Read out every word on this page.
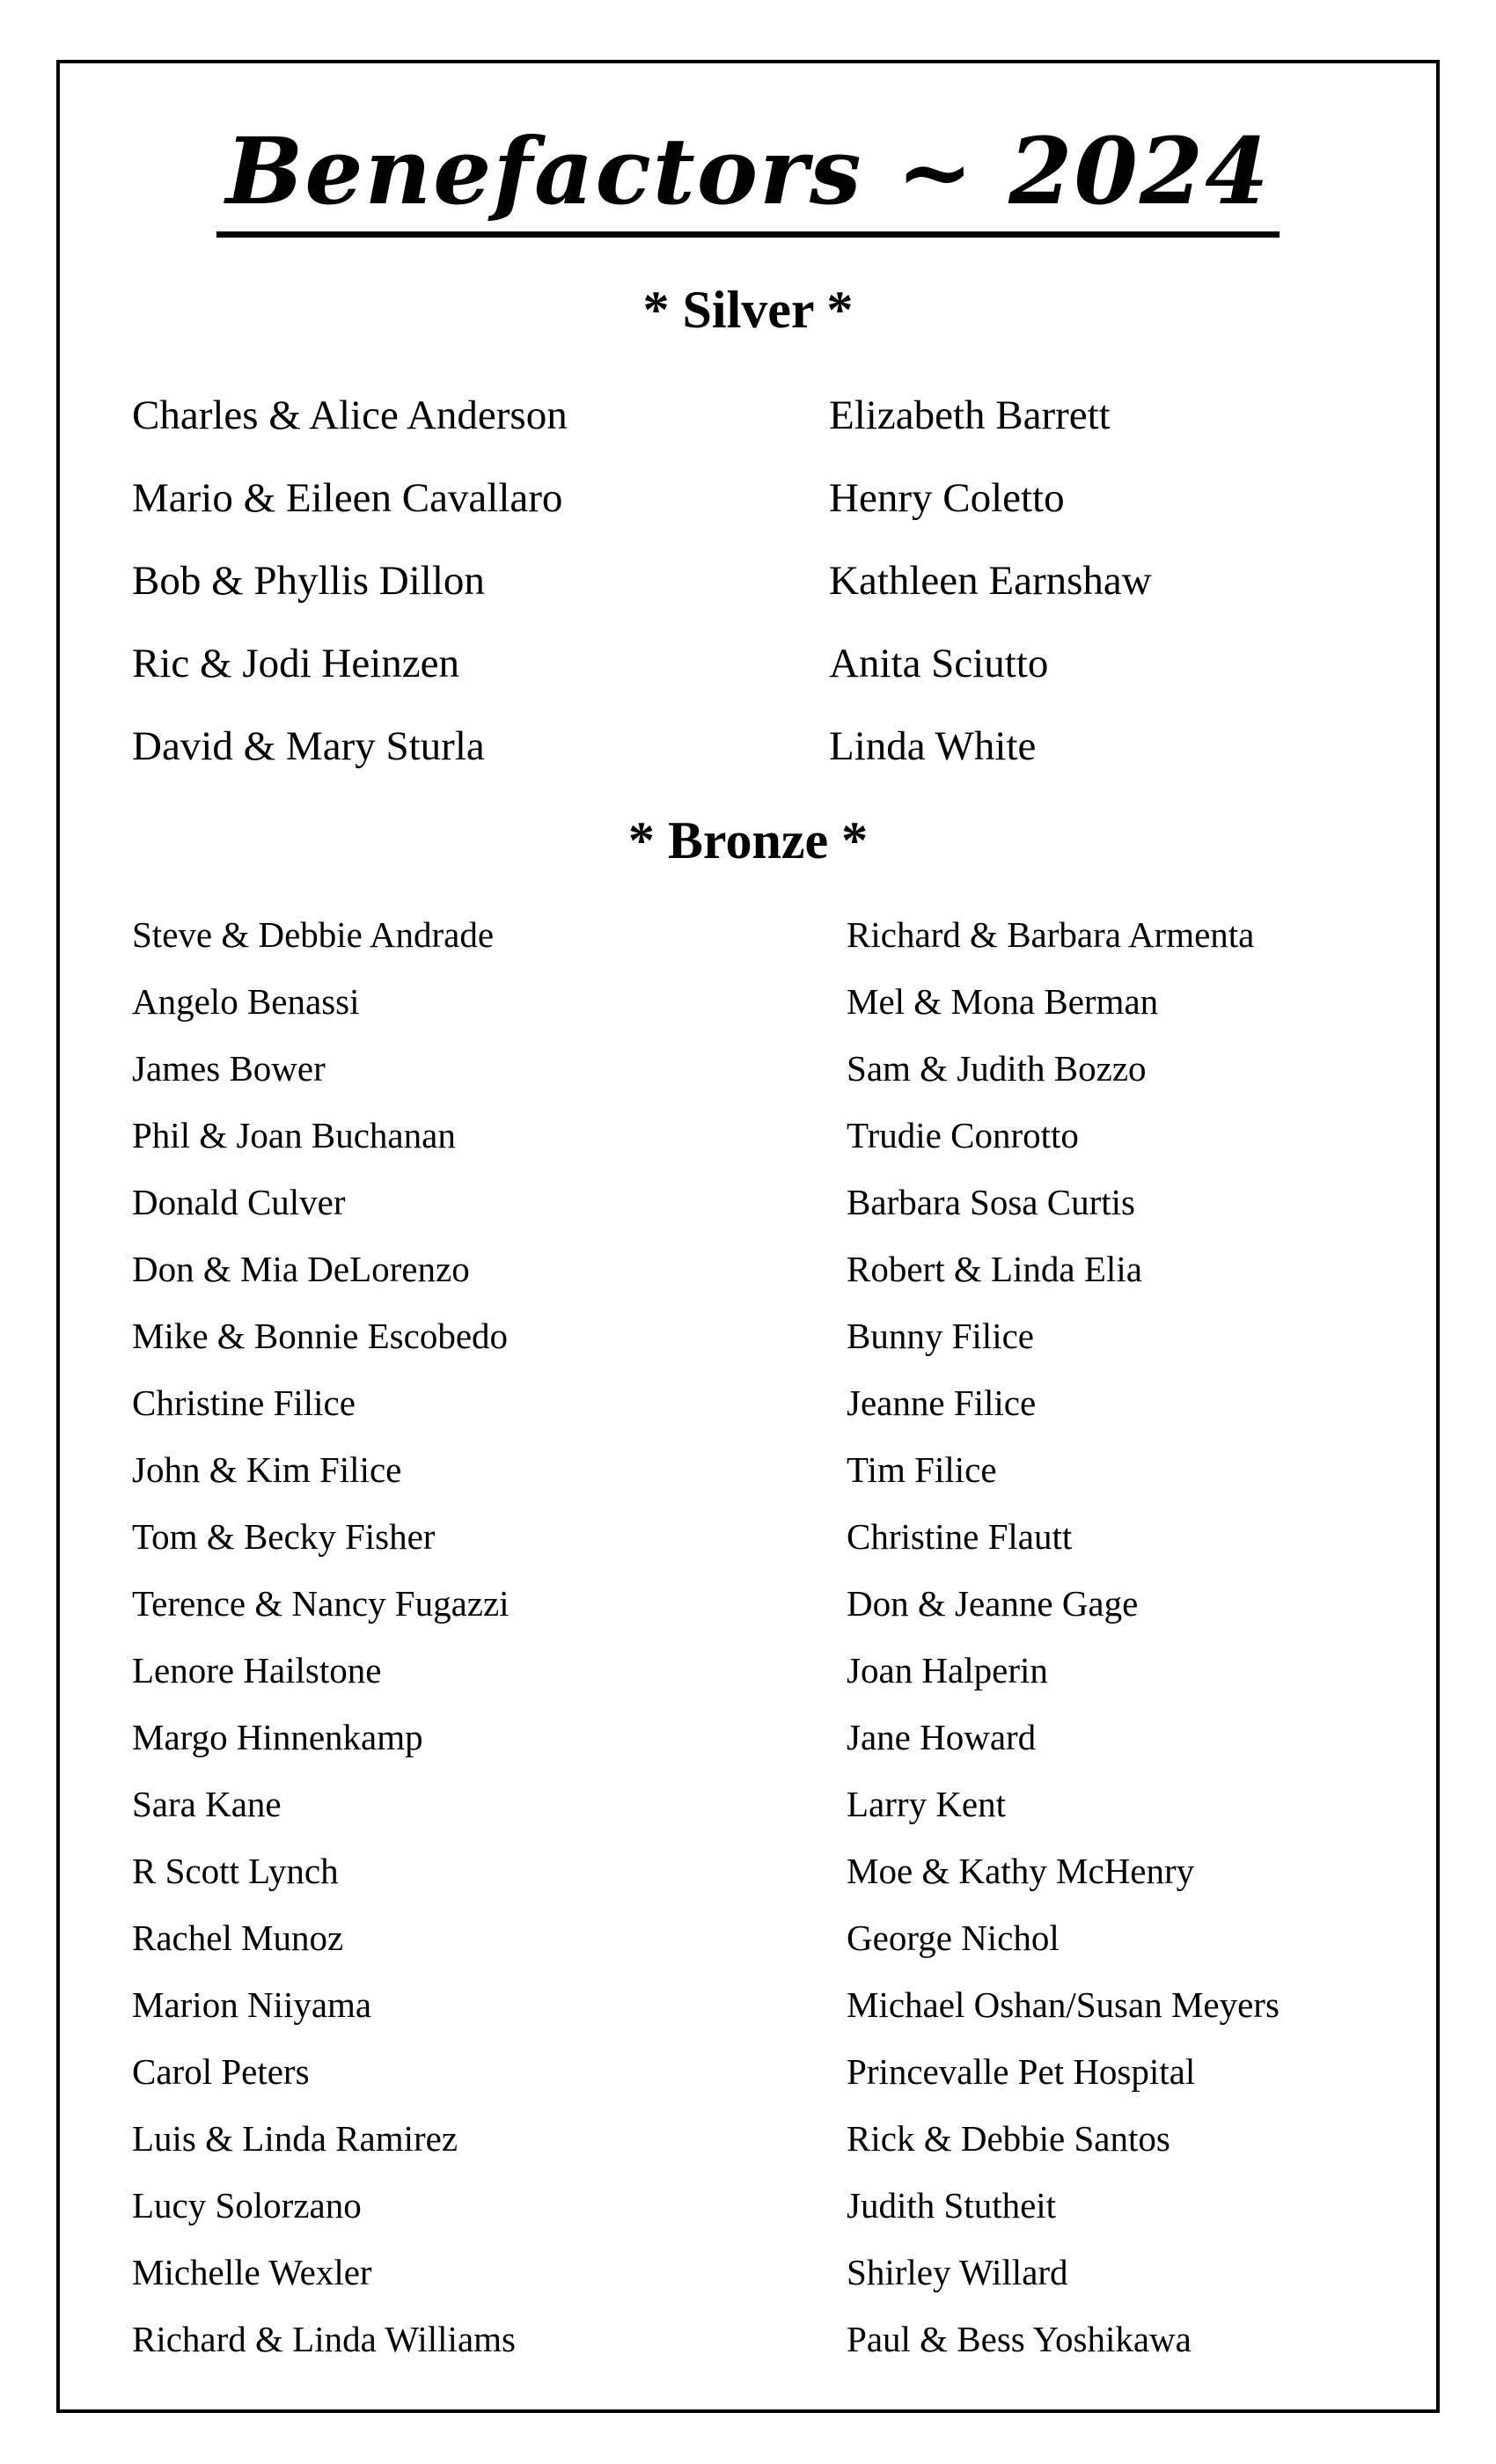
Benefactors ~ 2024
* Silver *
Charles & Alice Anderson	Elizabeth Barrett
Mario & Eileen Cavallaro	Henry Coletto
Bob & Phyllis Dillon	Kathleen Earnshaw
Ric & Jodi Heinzen	Anita Sciutto
David & Mary Sturla	Linda White
* Bronze *
Steve & Debbie Andrade	Richard & Barbara Armenta
Angelo Benassi	Mel & Mona Berman
James Bower	Sam & Judith Bozzo
Phil & Joan Buchanan	Trudie Conrotto
Donald Culver	Barbara Sosa Curtis
Don & Mia DeLorenzo	Robert & Linda Elia
Mike & Bonnie Escobedo	Bunny Filice
Christine Filice	Jeanne Filice
John & Kim Filice	Tim Filice
Tom & Becky Fisher	Christine Flautt
Terence & Nancy Fugazzi	Don & Jeanne Gage
Lenore Hailstone	Joan Halperin
Margo Hinnenkamp	Jane Howard
Sara Kane	Larry Kent
R Scott Lynch	Moe & Kathy McHenry
Rachel Munoz	George Nichol
Marion Niiyama	Michael Oshan/Susan Meyers
Carol Peters	Princevalle Pet Hospital
Luis & Linda Ramirez	Rick & Debbie Santos
Lucy Solorzano	Judith Stutheit
Michelle Wexler	Shirley Willard
Richard & Linda Williams	Paul & Bess Yoshikawa
